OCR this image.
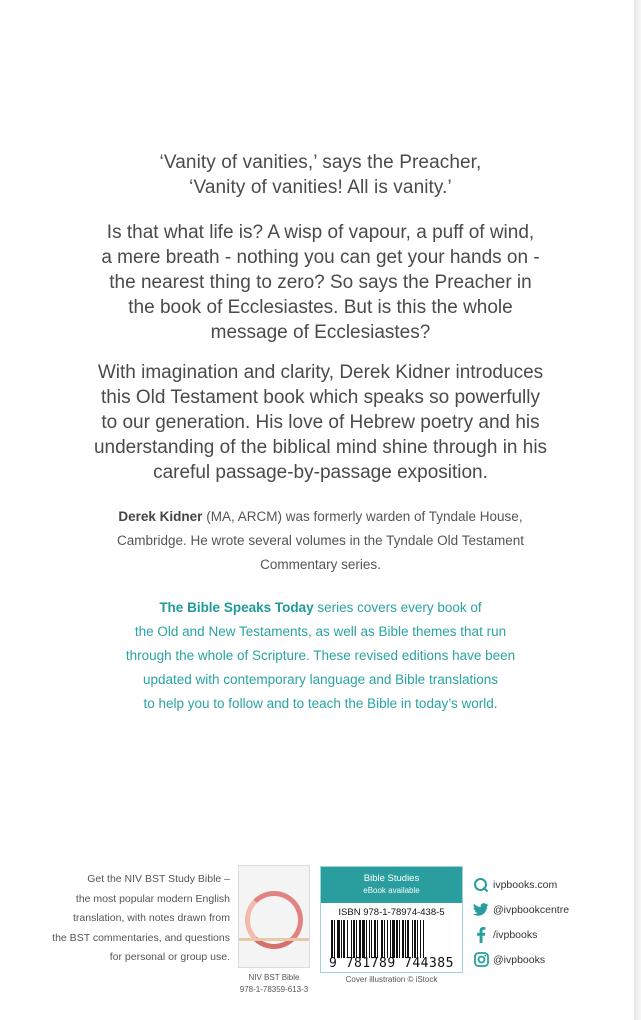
‘Vanity of vanities,’ says the Preacher,
‘Vanity of vanities! All is vanity.’
Is that what life is? A wisp of vapour, a puff of wind,
a mere breath - nothing you can get your hands on -
the nearest thing to zero? So says the Preacher in
the book of Ecclesiastes. But is this the whole
message of Ecclesiastes?
With imagination and clarity, Derek Kidner introduces
this Old Testament book which speaks so powerfully
to our generation. His love of Hebrew poetry and his
understanding of the biblical mind shine through in his
careful passage-by-passage exposition.
Derek Kidner (MA, ARCM) was formerly warden of Tyndale House,
Cambridge. He wrote several volumes in the Tyndale Old Testament
Commentary series.
The Bible Speaks Today series covers every book of
the Old and New Testaments, as well as Bible themes that run
through the whole of Scripture. These revised editions have been
updated with contemporary language and Bible translations
to help you to follow and to teach the Bible in today’s world.
Get the NIV BST Study Bible –
the most popular modern English
translation, with notes drawn from
the BST commentaries, and questions
for personal or group use.
NIV BST Bible
978-1-78359-613-3
Bible Studies
eBook available
ISBN 978-1-78974-438-5
9 781789 744385
Cover illustration © iStock
ivpbooks.com
@ivpbookcentre
/ivpbooks
@ivpbooks
